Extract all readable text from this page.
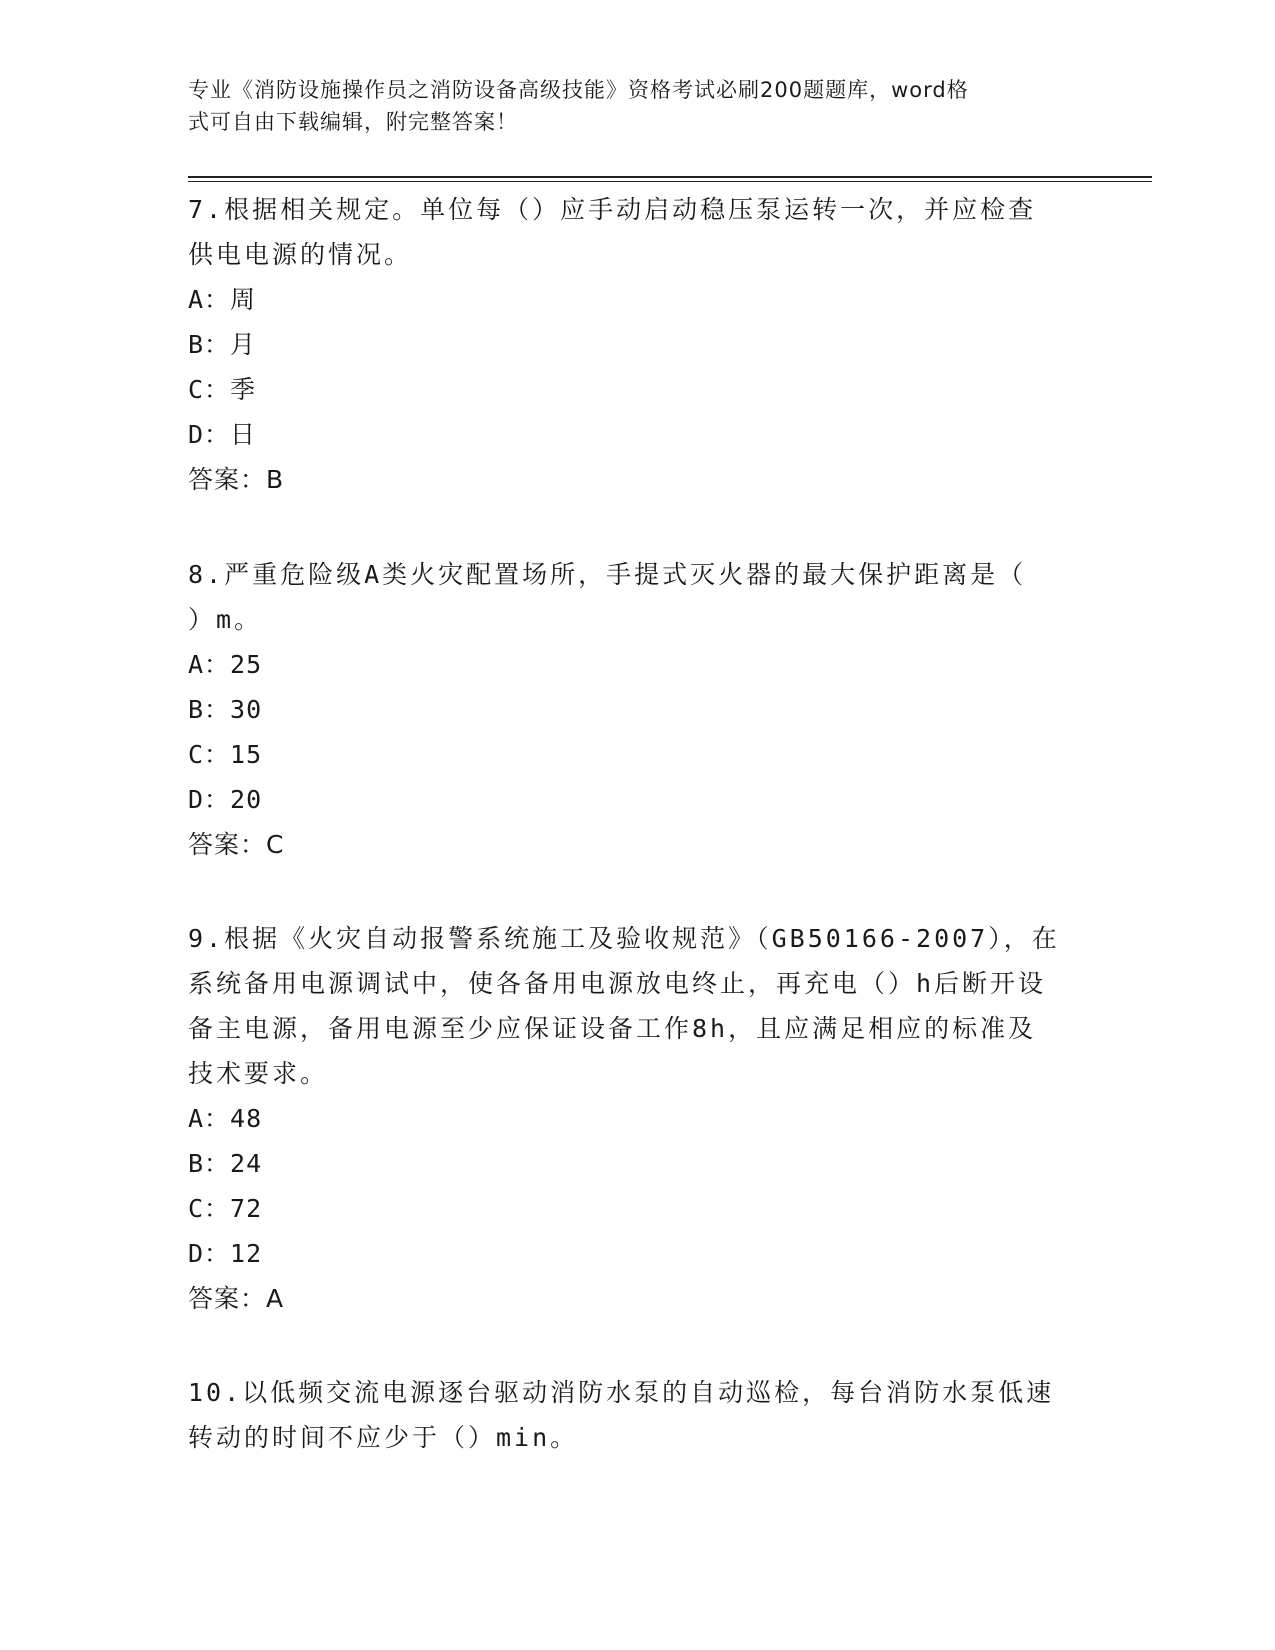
专业《消防设施操作员之消防设备高级技能》资格考试必刷200题题库，word格
式可自由下载编辑，附完整答案！
7.根据相关规定。单位每（）应手动启动稳压泵运转一次，并应检查
供电电源的情况。
A：周
B：月
C：季
D：日
答案：B
8.严重危险级A类火灾配置场所，手提式灭火器的最大保护距离是（
）m。
A：25
B：30
C：15
D：20
答案：C
9.根据《火灾自动报警系统施工及验收规范》（GB50166-2007），在
系统备用电源调试中，使各备用电源放电终止，再充电（）h后断开设
备主电源，备用电源至少应保证设备工作8h，且应满足相应的标准及
技术要求。
A：48
B：24
C：72
D：12
答案：A
10.以低频交流电源逐台驱动消防水泵的自动巡检，每台消防水泵低速
转动的时间不应少于（）min。
